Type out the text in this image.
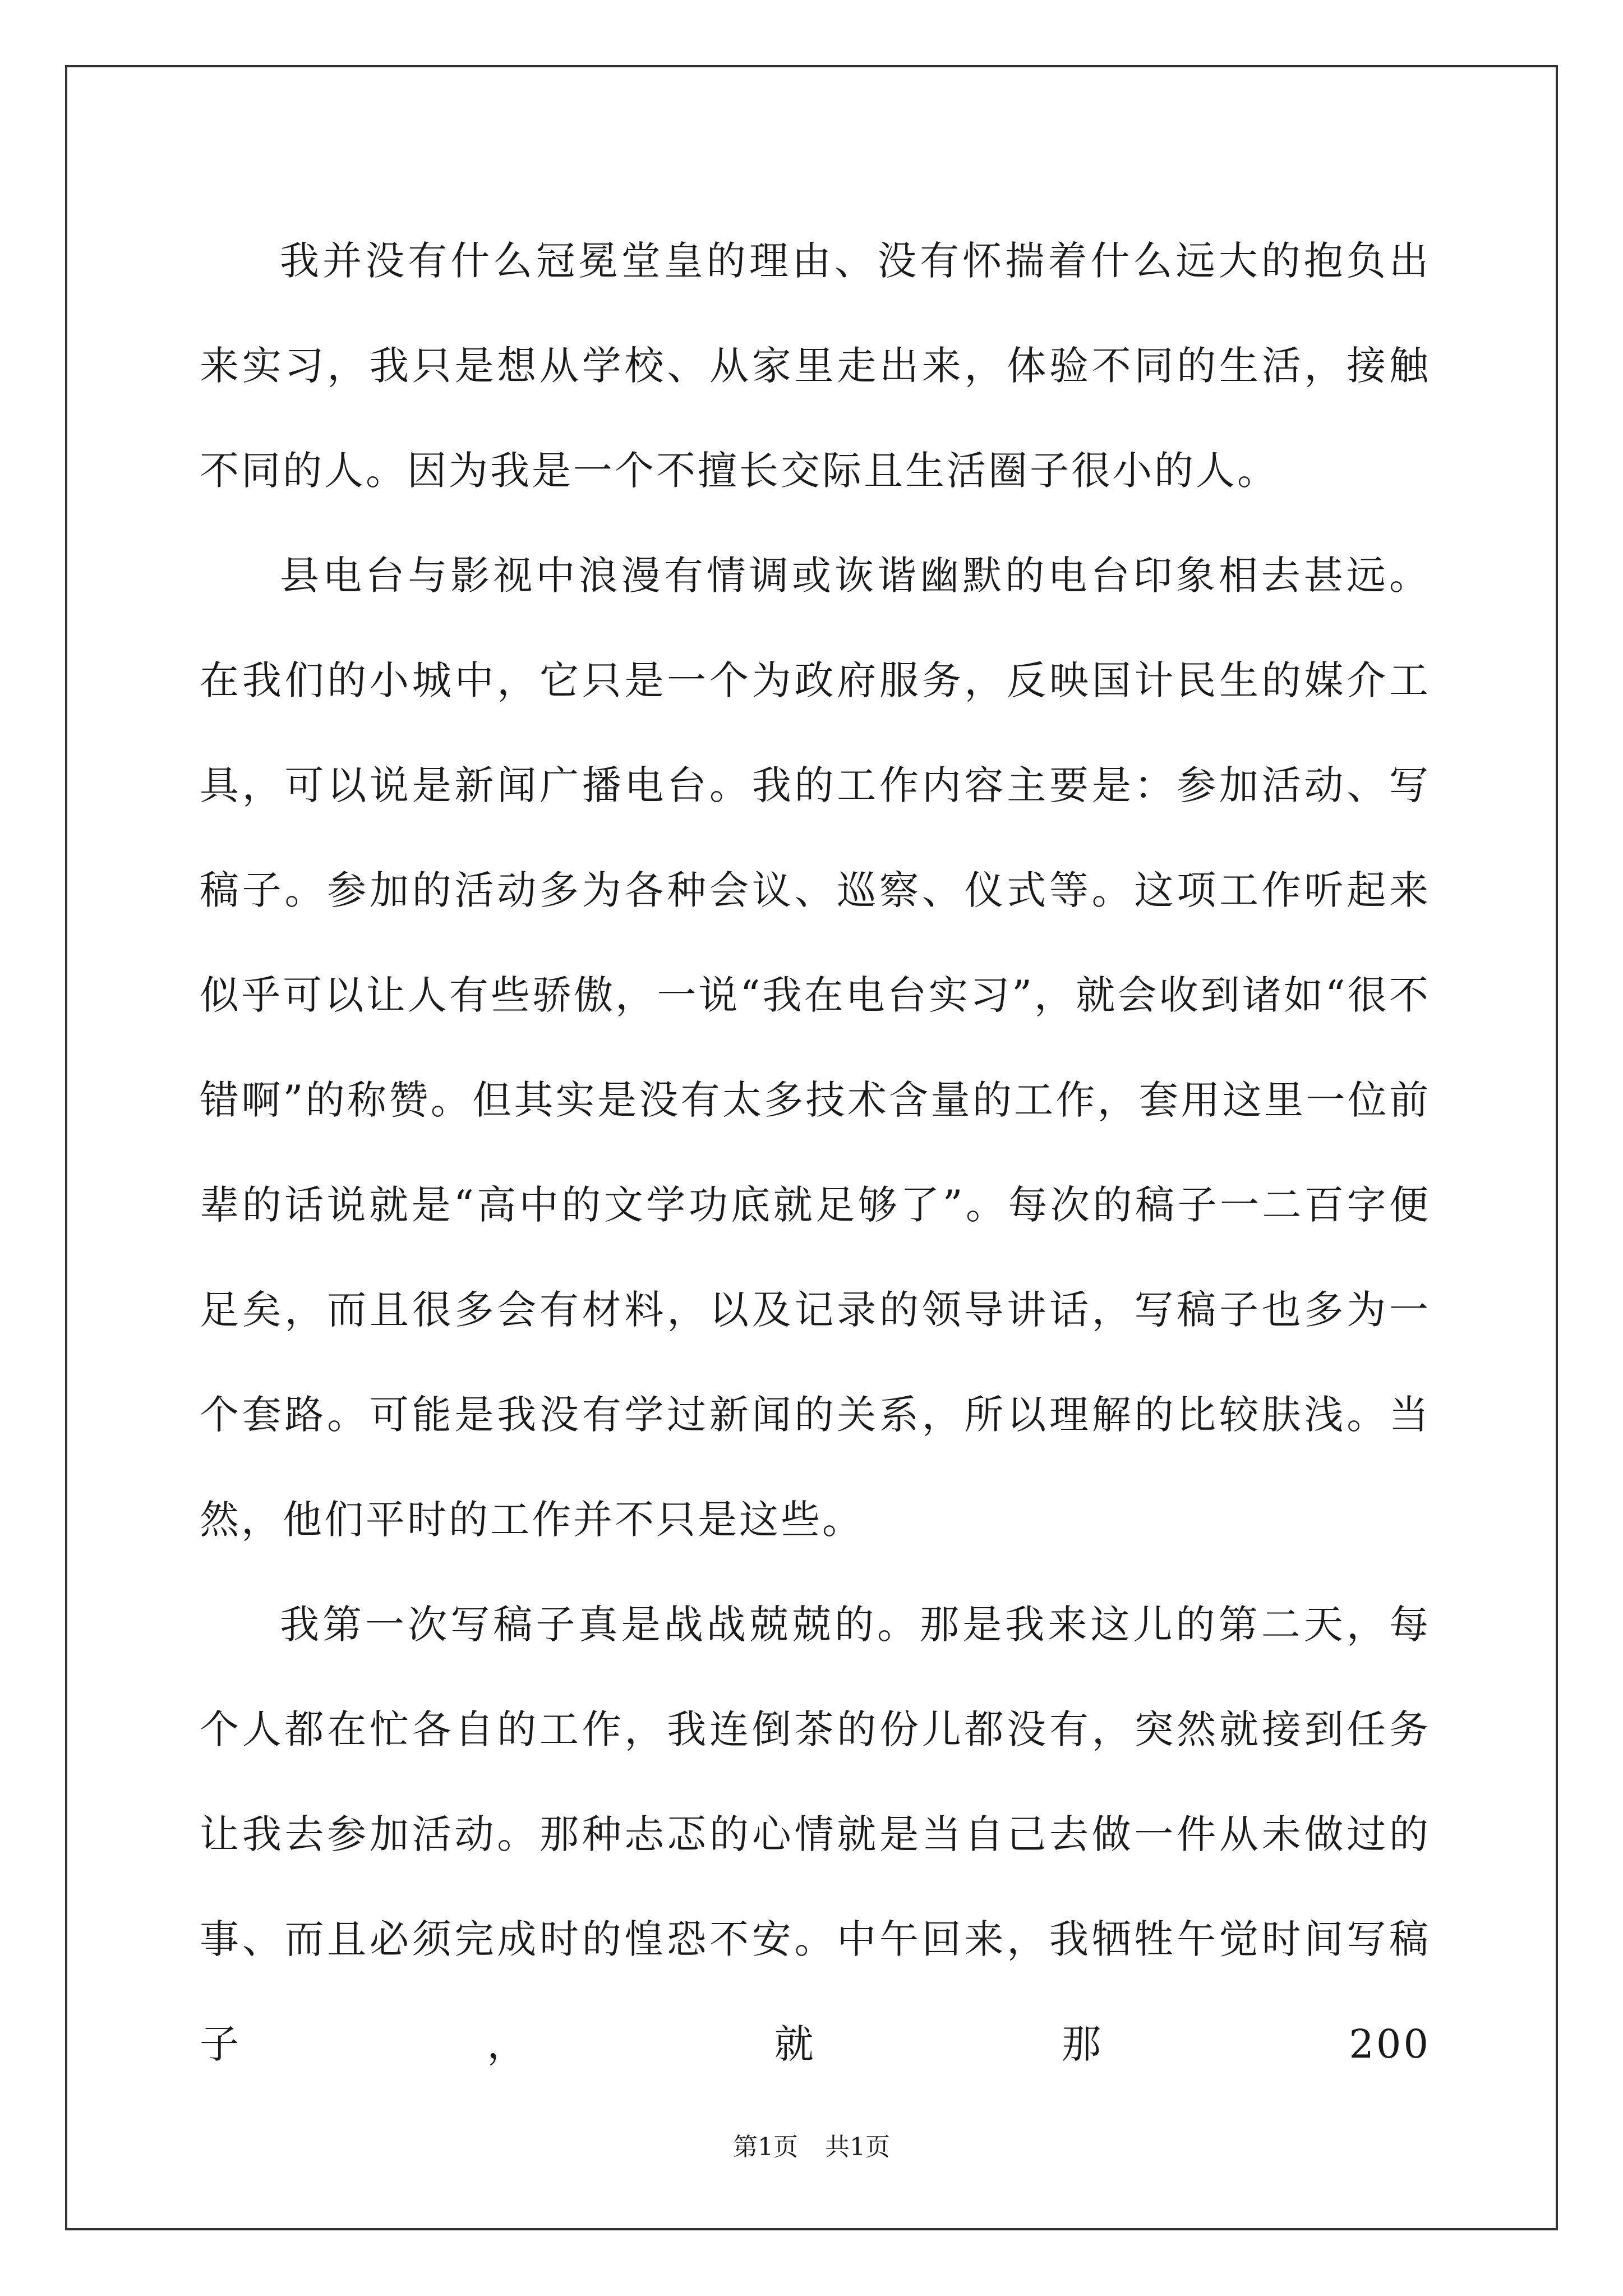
我并没有什么冠冕堂皇的理由、没有怀揣着什么远大的抱负出来实习，我只是想从学校、从家里走出来，体验不同的生活，接触不同的人。因为我是一个不擅长交际且生活圈子很小的人。

县电台与影视中浪漫有情调或诙谐幽默的电台印象相去甚远。在我们的小城中，它只是一个为政府服务，反映国计民生的媒介工具，可以说是新闻广播电台。我的工作内容主要是：参加活动、写稿子。参加的活动多为各种会议、巡察、仪式等。这项工作听起来似乎可以让人有些骄傲，一说“我在电台实习”，就会收到诸如“很不错啊”的称赞。但其实是没有太多技术含量的工作，套用这里一位前辈的话说就是“高中的文学功底就足够了”。每次的稿子一二百字便足矣，而且很多会有材料，以及记录的领导讲话，写稿子也多为一个套路。可能是我没有学过新闻的关系，所以理解的比较肤浅。当然，他们平时的工作并不只是这些。

我第一次写稿子真是战战兢兢的。那是我来这儿的第二天，每个人都在忙各自的工作，我连倒茶的份儿都没有，突然就接到任务让我去参加活动。那种忐忑的心情就是当自己去做一件从未做过的事、而且必须完成时的惶恐不安。中午回来，我牺牲午觉时间写稿子，就那200

第1页 共1页
